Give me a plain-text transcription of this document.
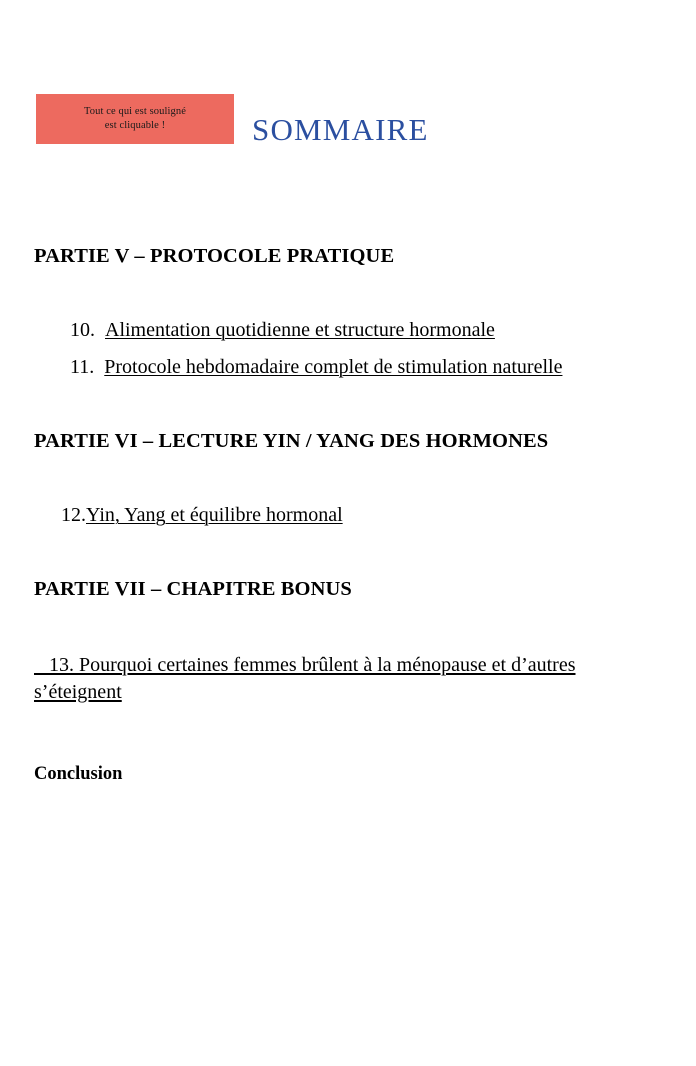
Tout ce qui est souligné
est cliquable !	SOMMAIRE
PARTIE V – PROTOCOLE PRATIQUE
10. Alimentation quotidienne et structure hormonale
11. Protocole hebdomadaire complet de stimulation naturelle
PARTIE VI – LECTURE YIN / YANG DES HORMONES
12.Yin, Yang et équilibre hormonal
PARTIE VII – CHAPITRE BONUS
13. Pourquoi certaines femmes brûlent à la ménopause et d’autres s’éteignent
Conclusion
